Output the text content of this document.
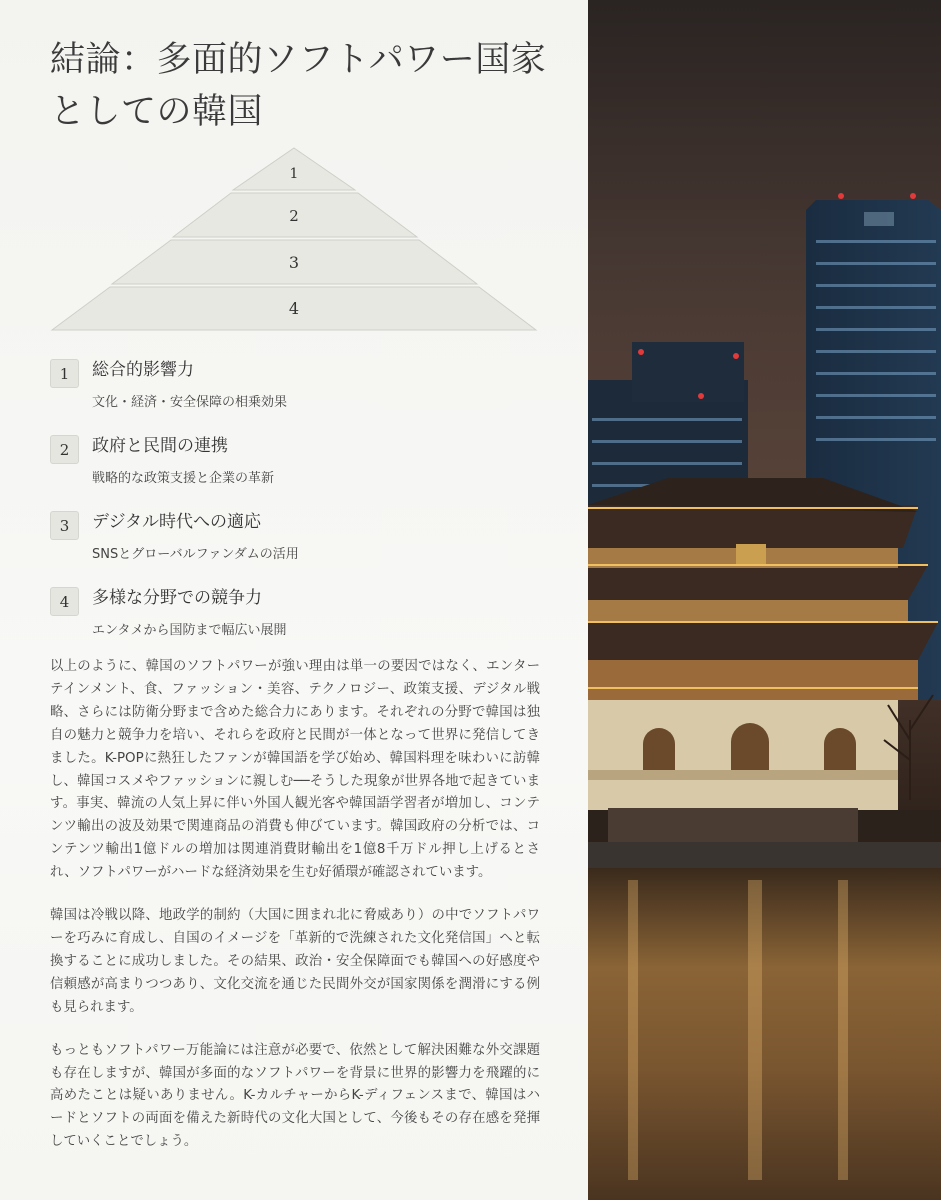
結論：多面的ソフトパワー国家としての韓国
1
2
3
4
1	総合的影響力
文化・経済・安全保障の相乗効果
2	政府と民間の連携
戦略的な政策支援と企業の革新
3	デジタル時代への適応
SNSとグローバルファンダムの活用
4	多様な分野での競争力
エンタメから国防まで幅広い展開

以上のように、韓国のソフトパワーが強い理由は単一の要因ではなく、エンターテインメント、食、ファッション・美容、テクノロジー、政策支援、デジタル戦略、さらには防衛分野まで含めた総合力にあります。それぞれの分野で韓国は独自の魅力と競争力を培い、それらを政府と民間が一体となって世界に発信してきました。K-POPに熱狂したファンが韓国語を学び始め、韓国料理を味わいに訪韓し、韓国コスメやファッションに親しむ──そうした現象が世界各地で起きています。事実、韓流の人気上昇に伴い外国人観光客や韓国語学習者が増加し、コンテンツ輸出の波及効果で関連商品の消費も伸びています。韓国政府の分析では、コンテンツ輸出1億ドルの増加は関連消費財輸出を1億8千万ドル押し上げるとされ、ソフトパワーがハードな経済効果を生む好循環が確認されています。

韓国は冷戦以降、地政学的制約（大国に囲まれ北に脅威あり）の中でソフトパワーを巧みに育成し、自国のイメージを「革新的で洗練された文化発信国」へと転換することに成功しました。その結果、政治・安全保障面でも韓国への好感度や信頼感が高まりつつあり、文化交流を通じた民間外交が国家関係を潤滑にする例も見られます。

もっともソフトパワー万能論には注意が必要で、依然として解決困難な外交課題も存在しますが、韓国が多面的なソフトパワーを背景に世界的影響力を飛躍的に高めたことは疑いありません。K-カルチャーからK-ディフェンスまで、韓国はハードとソフトの両面を備えた新時代の文化大国として、今後もその存在感を発揮していくことでしょう。
